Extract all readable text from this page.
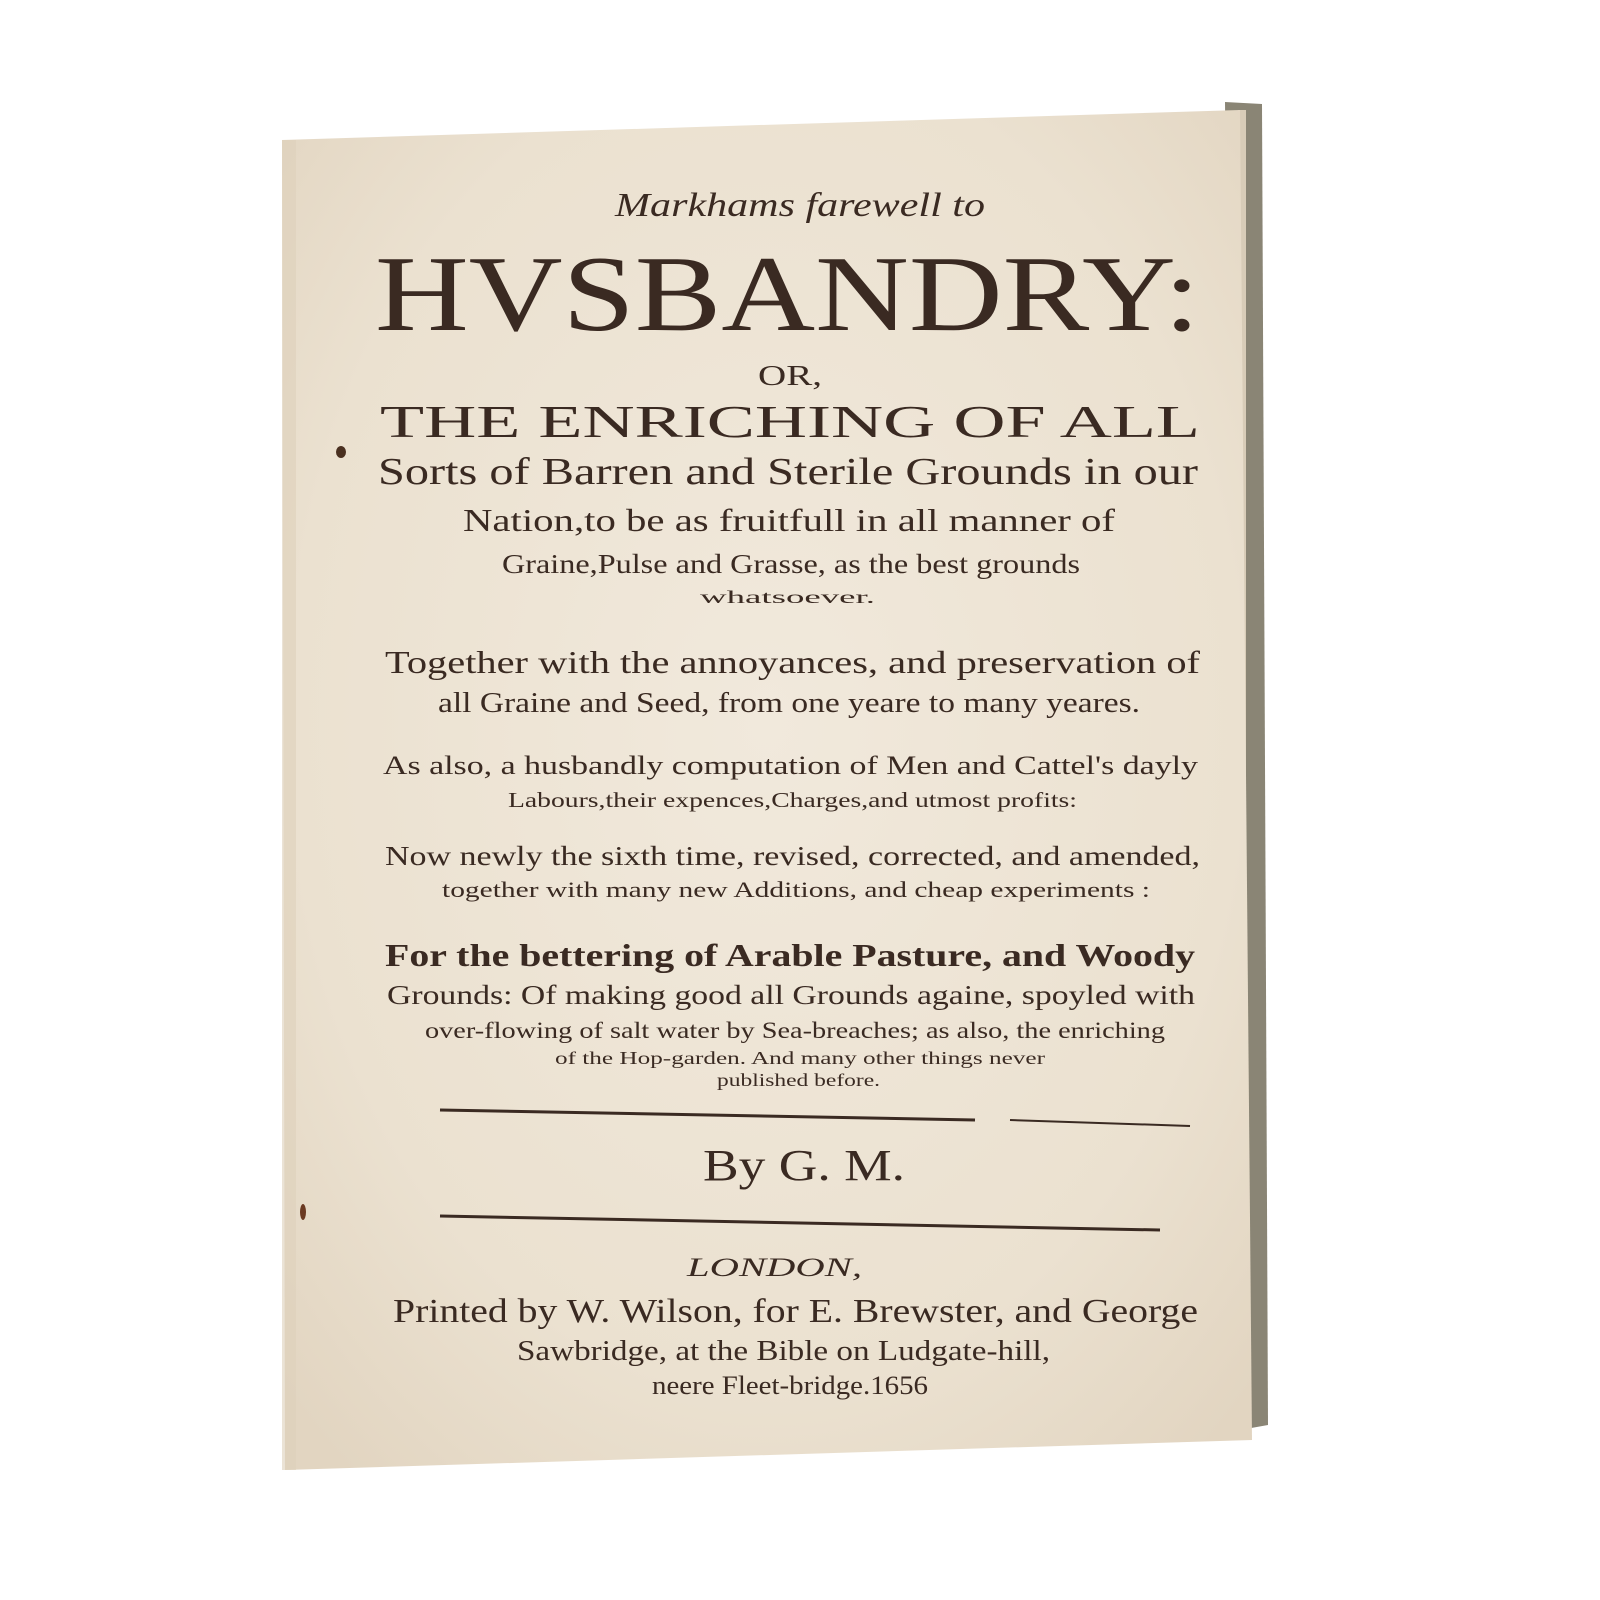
Markhams farewell to
HVSBANDRY:
OR,
THE ENRICHING OF ALL
Sorts of Barren and Sterile Grounds in our
Nation,to be as fruitfull in all manner of
Graine,Pulse and Grasse, as the best grounds
whatsoever.
Together with the annoyances, and preservation of
all Graine and Seed, from one yeare to many yeares.
As also, a husbandly computation of Men and Cattel's dayly
Labours,their expences,Charges,and utmost profits:
Now newly the sixth time, revised, corrected, and amended,
together with many new Additions, and cheap experiments :
For the bettering of Arable Pasture, and Woody
Grounds: Of making good all Grounds againe, spoyled with
over-flowing of salt water by Sea-breaches; as also, the enriching
of the Hop-garden. And many other things never
published before.
By G. M.
LONDON,
Printed by W. Wilson, for E. Brewster, and George
Sawbridge, at the Bible on Ludgate-hill,
neere Fleet-bridge.1656
